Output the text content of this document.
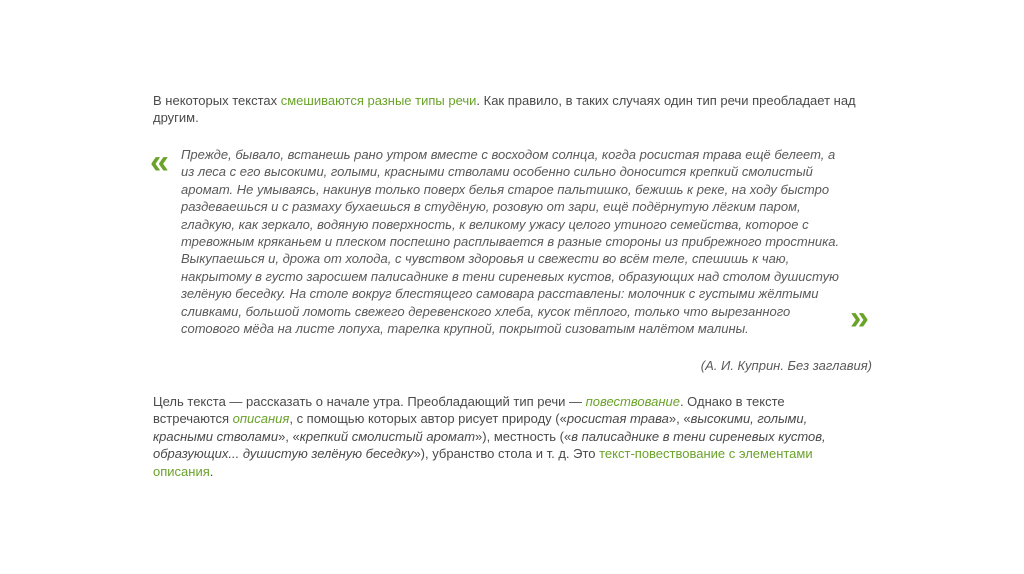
В некоторых текстах смешиваются разные типы речи. Как правило, в таких случаях один тип речи преобладает над другим.

« Прежде, бывало, встанешь рано утром вместе с восходом солнца, когда росистая трава ещё белеет, а из леса с его высокими, голыми, красными стволами особенно сильно доносится крепкий смолистый аромат. Не умываясь, накинув только поверх белья старое пальтишко, бежишь к реке, на ходу быстро раздеваешься и с размаху бухаешься в студёную, розовую от зари, ещё подёрнутую лёгким паром, гладкую, как зеркало, водяную поверхность, к великому ужасу целого утиного семейства, которое с тревожным кряканьем и плеском поспешно расплывается в разные стороны из прибрежного тростника. Выкупаешься и, дрожа от холода, с чувством здоровья и свежести во всём теле, спешишь к чаю, накрытому в густо заросшем палисаднике в тени сиреневых кустов, образующих над столом душистую зелёную беседку. На столе вокруг блестящего самовара расставлены: молочник с густыми жёлтыми сливками, большой ломоть свежего деревенского хлеба, кусок тёплого, только что вырезанного сотового мёда на листе лопуха, тарелка крупной, покрытой сизоватым налётом малины.	»

(А. И. Куприн. Без заглавия)

Цель текста — рассказать о начале утра. Преобладающий тип речи — повествование. Однако в тексте встречаются описания, с помощью которых автор рисует природу («росистая трава», «высокими, голыми, красными стволами», «крепкий смолистый аромат»), местность («в палисаднике в тени сиреневых кустов, образующих... душистую зелёную беседку»), убранство стола и т. д. Это текст-повествование с элементами описания.
